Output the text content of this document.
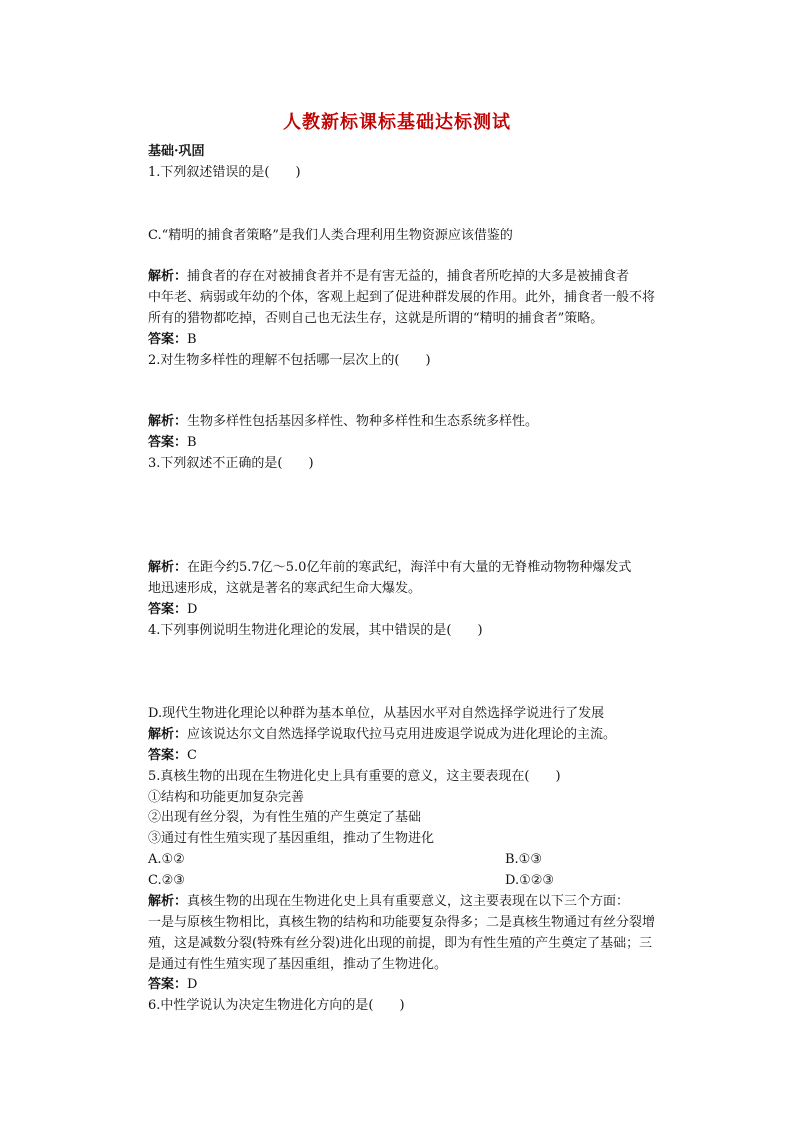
人教新标课标基础达标测试
基础·巩固
1.下列叙述错误的是(　　)
C.“精明的捕食者策略”是我们人类合理利用生物资源应该借鉴的
解析：捕食者的存在对被捕食者并不是有害无益的，捕食者所吃掉的大多是被捕食者
中年老、病弱或年幼的个体，客观上起到了促进种群发展的作用。此外，捕食者一般不将
所有的猎物都吃掉，否则自己也无法生存，这就是所谓的“精明的捕食者”策略。
答案：B
2.对生物多样性的理解不包括哪一层次上的(　　)
解析：生物多样性包括基因多样性、物种多样性和生态系统多样性。
答案：B
3.下列叙述不正确的是(　　)
解析：在距今约5.7亿～5.0亿年前的寒武纪，海洋中有大量的无脊椎动物物种爆发式
地迅速形成，这就是著名的寒武纪生命大爆发。
答案：D
4.下列事例说明生物进化理论的发展，其中错误的是(　　)
D.现代生物进化理论以种群为基本单位，从基因水平对自然选择学说进行了发展
解析：应该说达尔文自然选择学说取代拉马克用进废退学说成为进化理论的主流。
答案：C
5.真核生物的出现在生物进化史上具有重要的意义，这主要表现在(　　)
①结构和功能更加复杂完善
②出现有丝分裂，为有性生殖的产生奠定了基础
③通过有性生殖实现了基因重组，推动了生物进化
A.①②	B.①③
C.②③	D.①②③
解析：真核生物的出现在生物进化史上具有重要意义，这主要表现在以下三个方面：
一是与原核生物相比，真核生物的结构和功能要复杂得多；二是真核生物通过有丝分裂增
殖，这是减数分裂(特殊有丝分裂)进化出现的前提，即为有性生殖的产生奠定了基础；三
是通过有性生殖实现了基因重组，推动了生物进化。
答案：D
6.中性学说认为决定生物进化方向的是(　　)
